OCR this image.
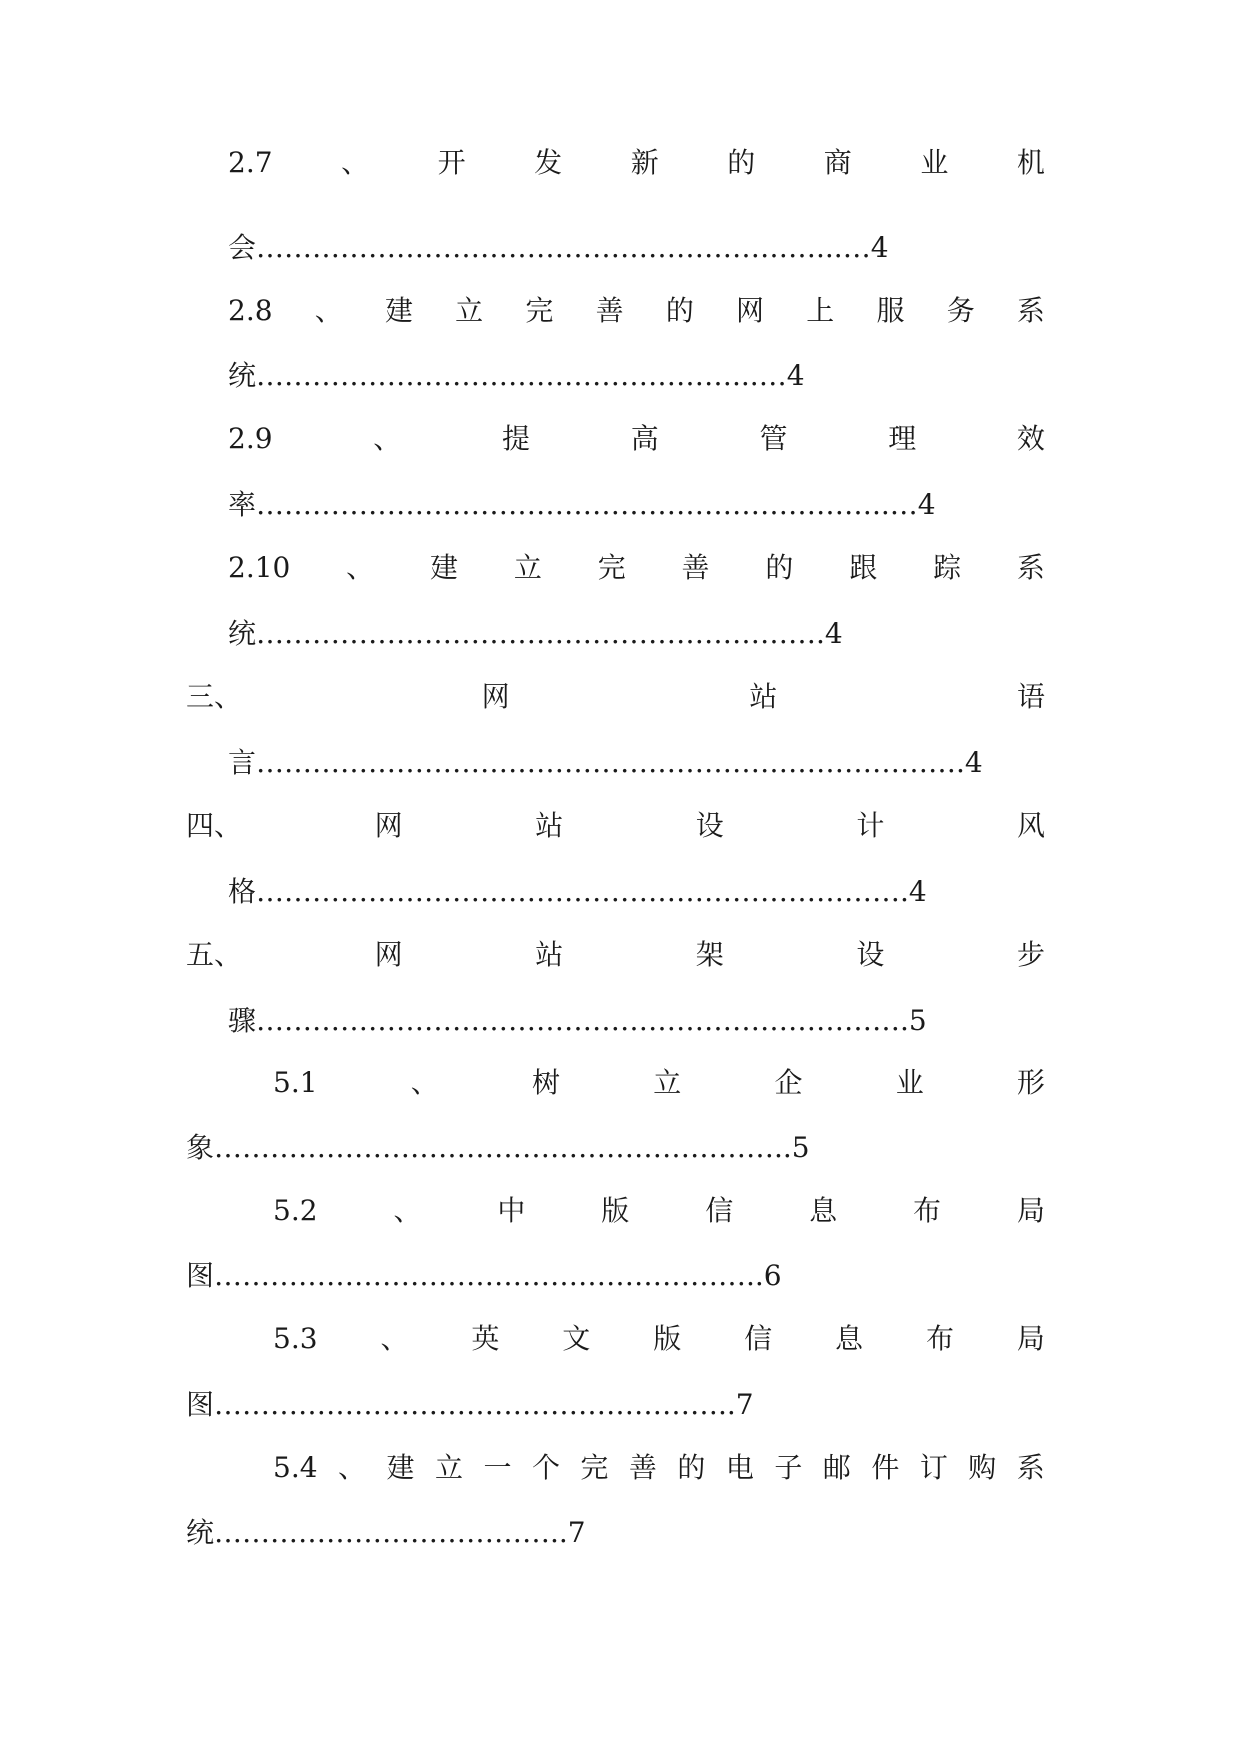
2.7 、 开 发 新 的 商 业 机
会……………………………………………………...…4
2.8 、 建 立 完 善 的 网 上 服 务 系
统……………………………………………...…4
2.9	、	提	高	管	理	效
率…………………………………………………………..…4
2.10 、 建 立 完 善 的 跟 踪 系
统…………………………………………………….4
三、	网	站	语
言………………………………………………………………….4
四、	网	站	设	计	风
格…………………………………………………………….4
五、	网	站	架	设	步
骤…………………………………………………………….5
5.1	、	树	立	企	业	形
象……………………………………………………..5
5.2	、	中	版	信	息	布	局
图…………………………………………………..6
5.3 、 英 文 版 信 息 布 局
图………………………………………………..7
5.4 、 建 立 一 个 完 善 的 电 子 邮 件 订 购 系
统………………………………..7
